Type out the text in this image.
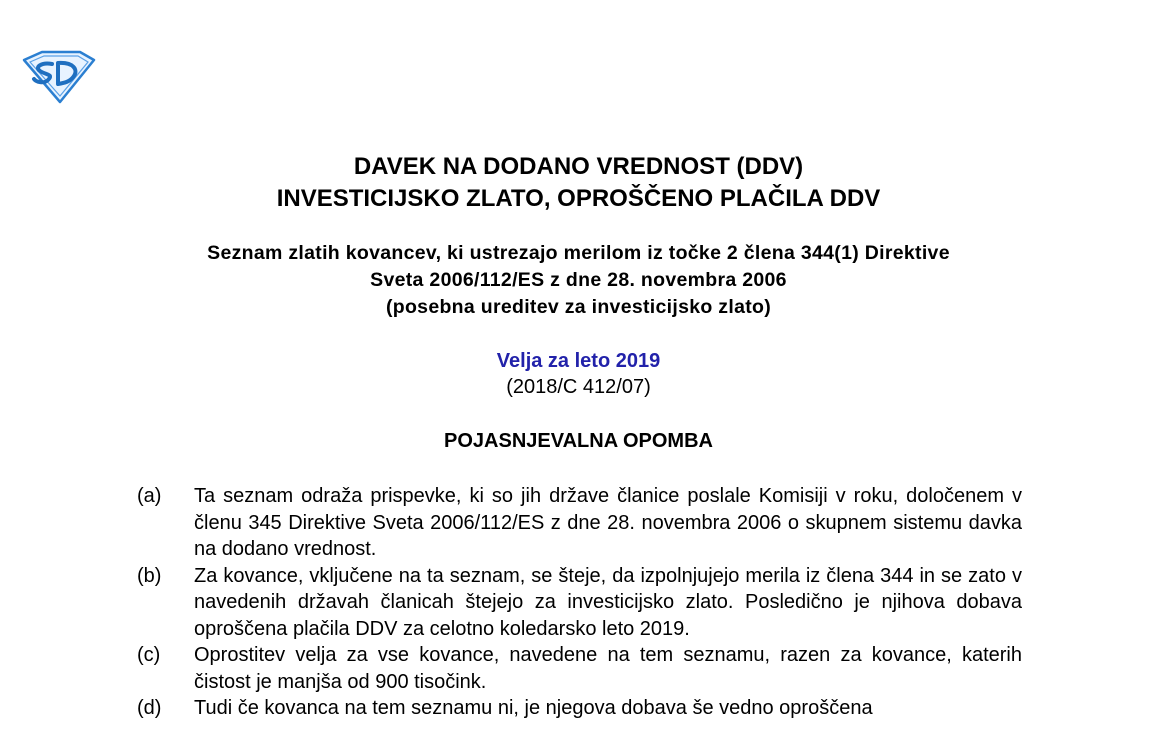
DAVEK NA DODANO VREDNOST (DDV)
INVESTICIJSKO ZLATO, OPROŠČENO PLAČILA DDV
Seznam zlatih kovancev, ki ustrezajo merilom iz točke 2 člena 344(1) Direktive
Sveta 2006/112/ES z dne 28. novembra 2006
(posebna ureditev za investicijsko zlato)
Velja za leto 2019
(2018/C 412/07)
POJASNJEVALNA OPOMBA
(a)	Ta seznam odraža prispevke, ki so jih države članice poslale Komisiji v roku, določenem v členu 345 Direktive Sveta 2006/112/ES z dne 28. novembra 2006 o skupnem sistemu davka na dodano vrednost.
(b)	Za kovance, vključene na ta seznam, se šteje, da izpolnjujejo merila iz člena 344 in se zato v navedenih državah članicah štejejo za investicijsko zlato. Posledično je njihova dobava oproščena plačila DDV za celotno koledarsko leto 2019.
(c)	Oprostitev velja za vse kovance, navedene na tem seznamu, razen za kovance, katerih čistost je manjša od 900 tisočink.
(d)	Tudi če kovanca na tem seznamu ni, je njegova dobava še vedno oproščena
